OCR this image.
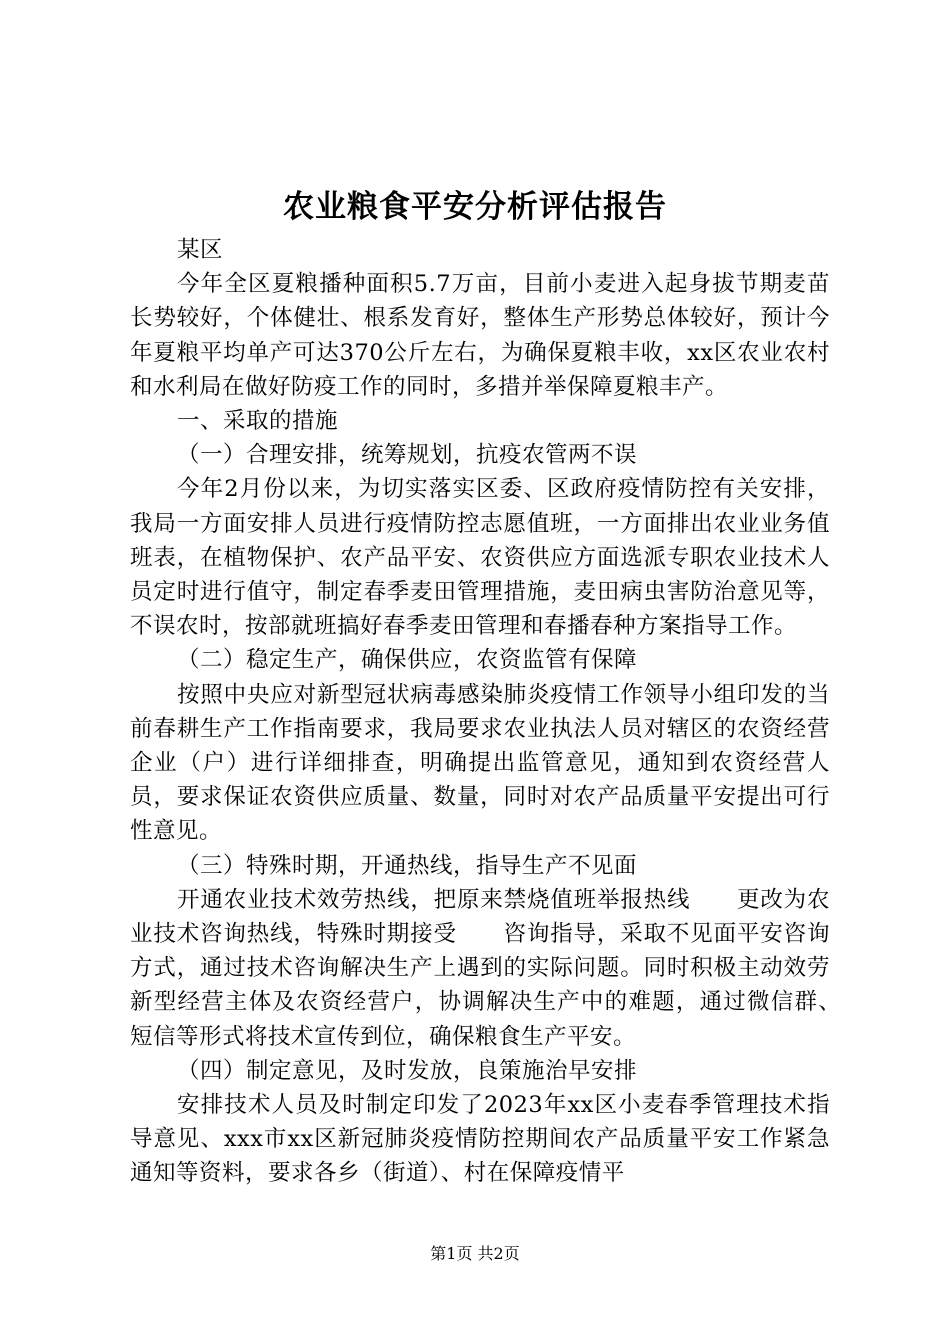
农业粮食平安分析评估报告

某区

今年全区夏粮播种面积5.7万亩，目前小麦进入起身拔节期麦苗长势较好，个体健壮、根系发育好，整体生产形势总体较好，预计今年夏粮平均单产可达370公斤左右，为确保夏粮丰收，xx区农业农村和水利局在做好防疫工作的同时，多措并举保障夏粮丰产。

一、采取的措施

（一）合理安排，统筹规划，抗疫农管两不误

今年2月份以来，为切实落实区委、区政府疫情防控有关安排，我局一方面安排人员进行疫情防控志愿值班，一方面排出农业业务值班表，在植物保护、农产品平安、农资供应方面选派专职农业技术人员定时进行值守，制定春季麦田管理措施，麦田病虫害防治意见等，不误农时，按部就班搞好春季麦田管理和春播春种方案指导工作。

（二）稳定生产，确保供应，农资监管有保障

按照中央应对新型冠状病毒感染肺炎疫情工作领导小组印发的当前春耕生产工作指南要求，我局要求农业执法人员对辖区的农资经营企业（户）进行详细排查，明确提出监管意见，通知到农资经营人员，要求保证农资供应质量、数量，同时对农产品质量平安提出可行性意见。

（三）特殊时期，开通热线，指导生产不见面

开通农业技术效劳热线，把原来禁烧值班举报热线　　更改为农业技术咨询热线，特殊时期接受　　咨询指导，采取不见面平安咨询方式，通过技术咨询解决生产上遇到的实际问题。同时积极主动效劳新型经营主体及农资经营户，协调解决生产中的难题，通过微信群、　　短信等形式将技术宣传到位，确保粮食生产平安。

（四）制定意见，及时发放，良策施治早安排

安排技术人员及时制定印发了2023年xx区小麦春季管理技术指导意见、xxx市xx区新冠肺炎疫情防控期间农产品质量平安工作紧急通知等资料，要求各乡（街道）、村在保障疫情平

第1页 共2页
